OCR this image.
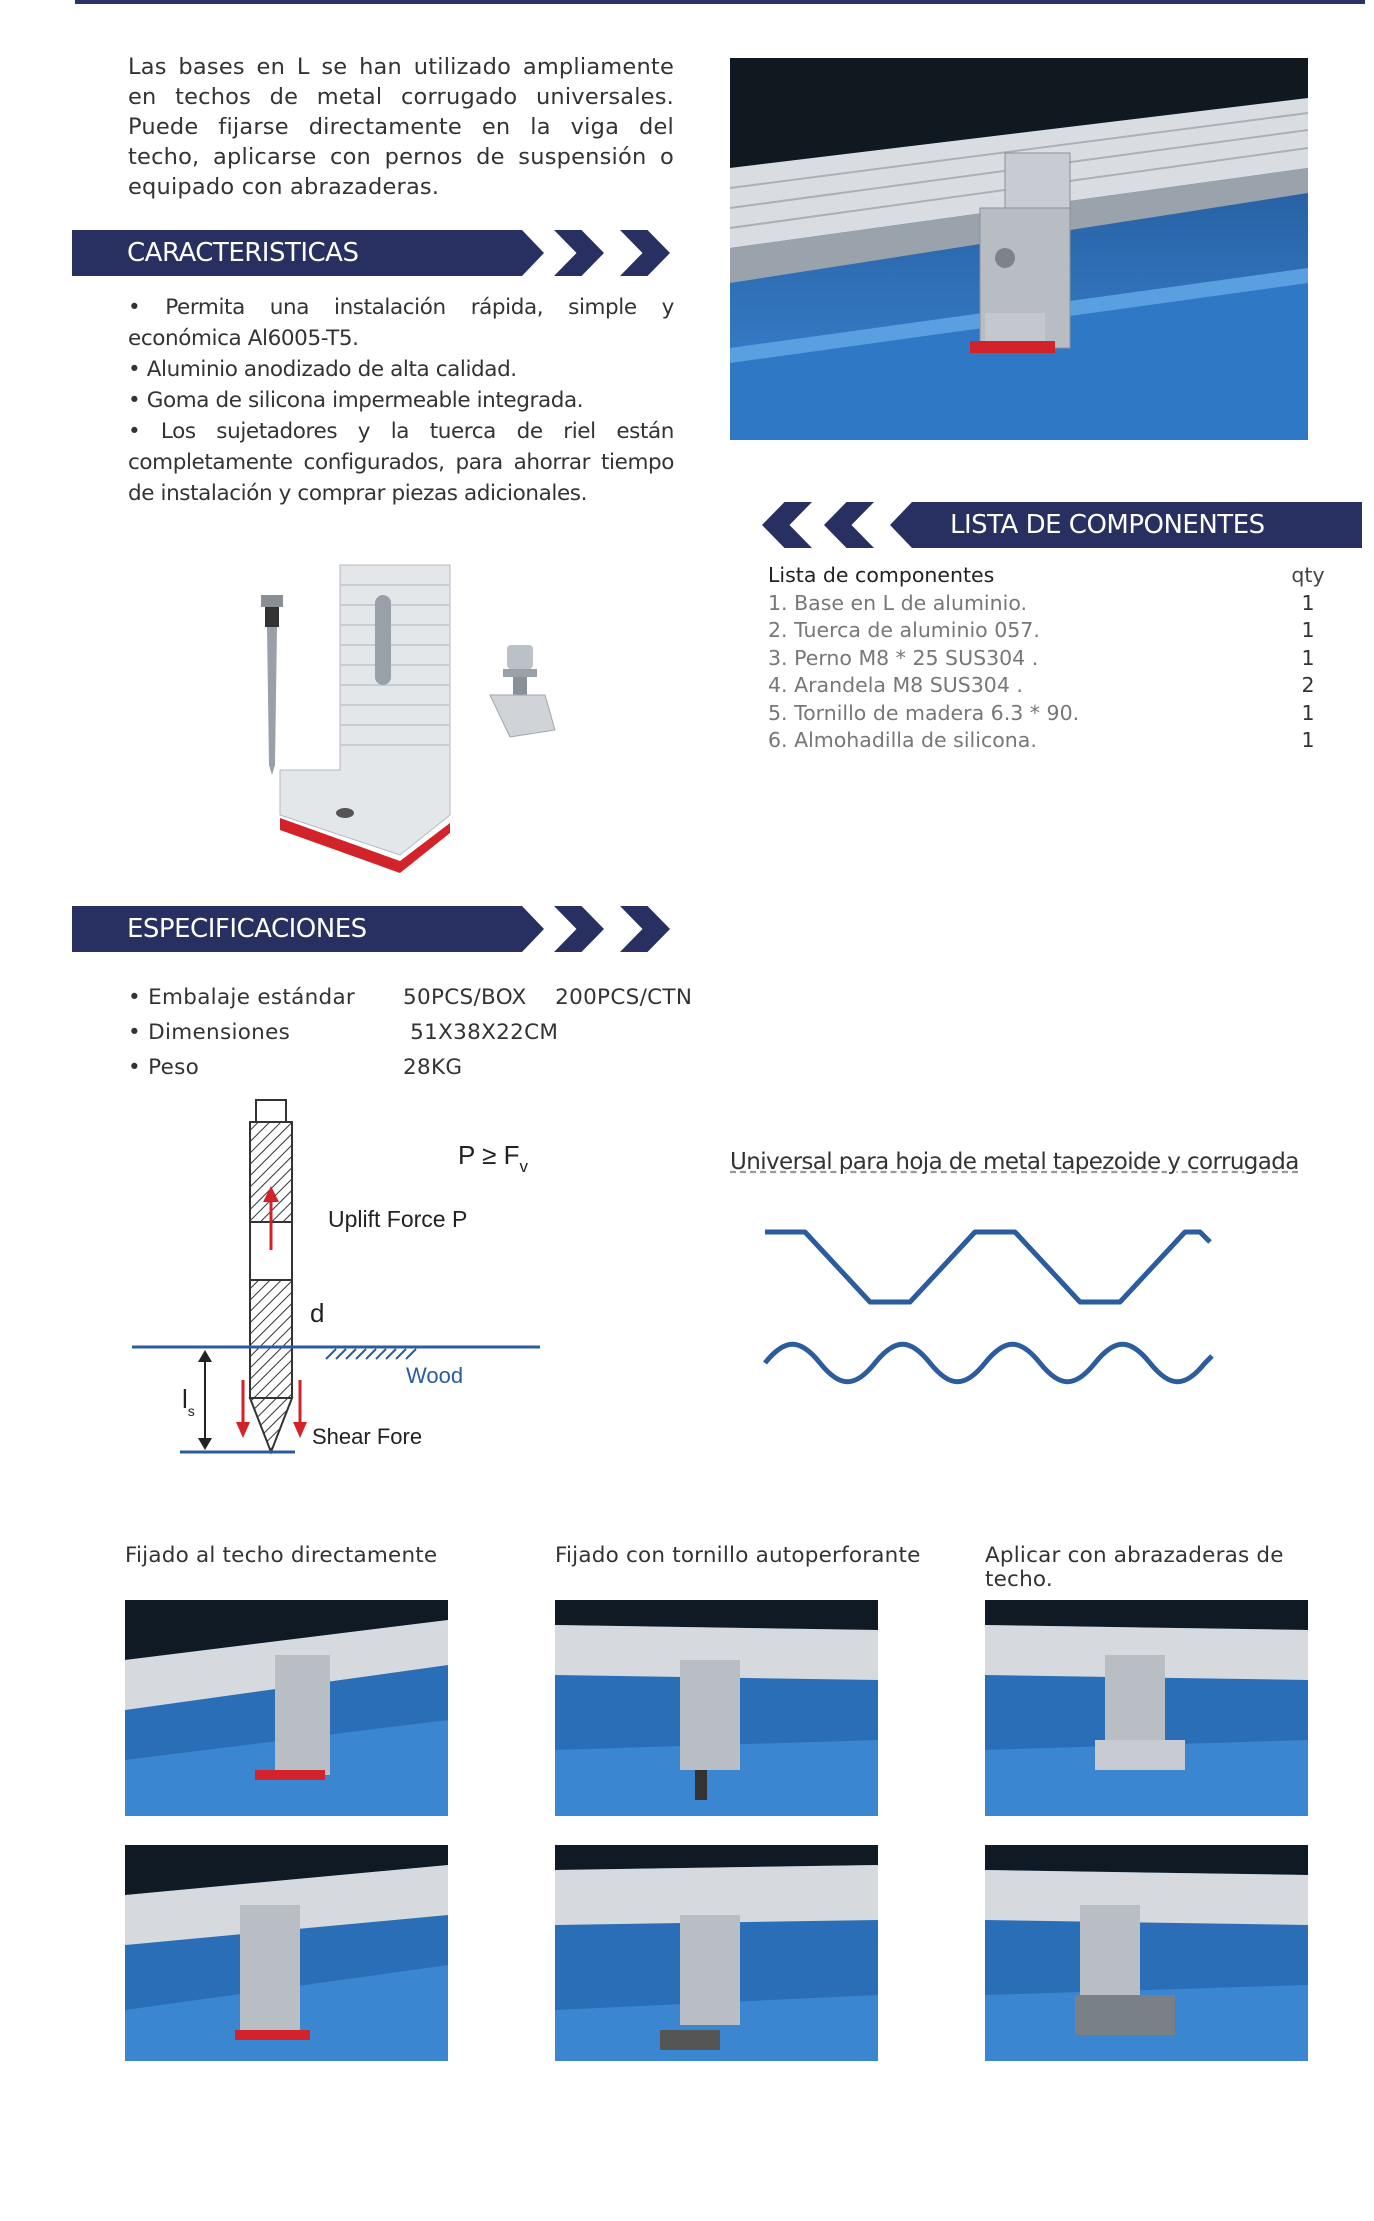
Las bases en L se han utilizado ampliamente en techos de metal corrugado universales. Puede fijarse directamente en la viga del techo, aplicarse con pernos de suspensión o equipado con abrazaderas.
CARACTERISTICAS

• Permita una instalación rápida, simple y económica Al6005-T5.

• Aluminio anodizado de alta calidad.

• Goma de silicona impermeable integrada.

• Los sujetadores y la tuerca de riel están completamente configurados, para ahorrar tiempo de instalación y comprar piezas adicionales.

LISTA DE COMPONENTES
Lista de componentes	qty
1. Base en L de aluminio.	1
2. Tuerca de aluminio 057.	1
3. Perno M8 * 25 SUS304 .	1
4. Arandela M8 SUS304 .	2
5. Tornillo de madera 6.3 * 90.	1
6. Almohadilla de silicona.	1
ESPECIFICACIONES
• Embalaje estándar 50PCS/BOX    200PCS/CTN
• Dimensiones	51X38X22CM
• Peso	28KG
$P \ge F_v$
Uplift Force P
d
Wood
$l_s$
Shear Fore
Universal para hoja de metal tapezoide y corrugada
Fijado al techo directamente	Fijado con tornillo autoperforante	Aplicar con abrazaderas de techo.
